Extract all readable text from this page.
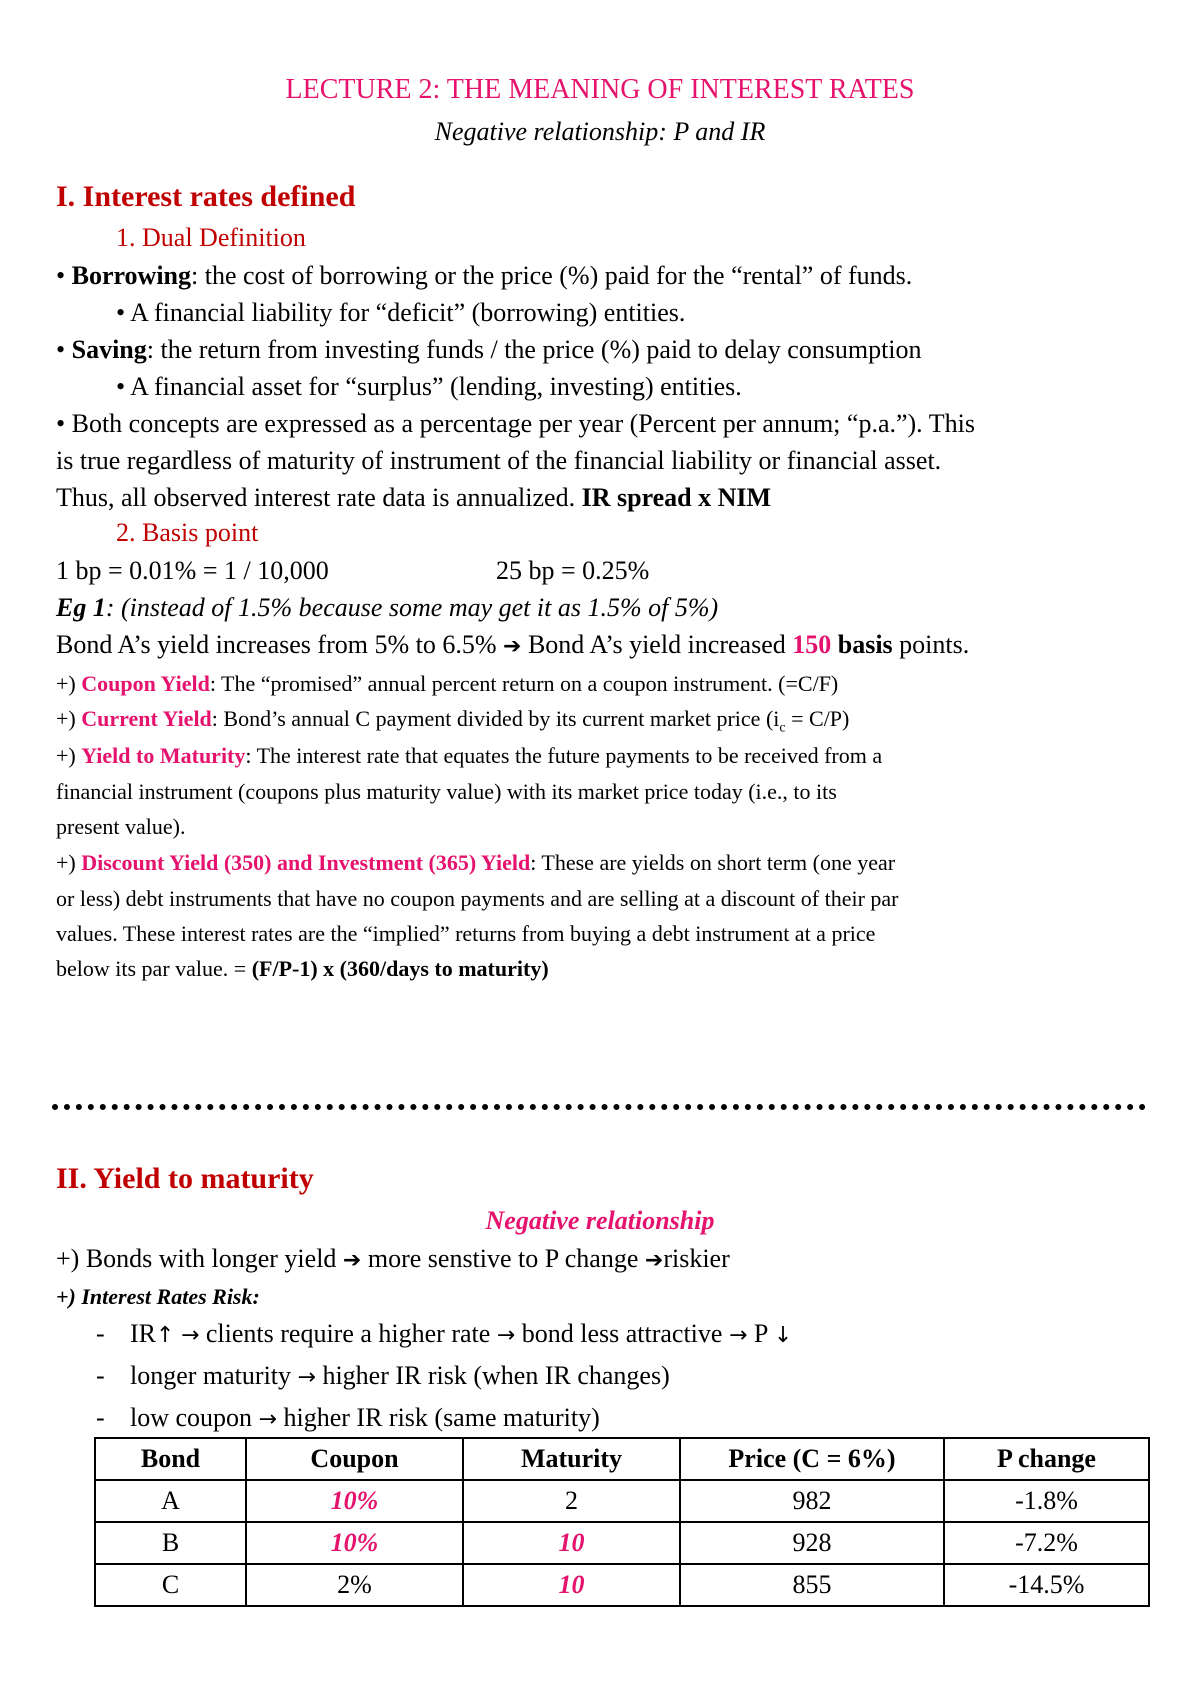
LECTURE 2: THE MEANING OF INTEREST RATES
Negative relationship: P and IR
I. Interest rates defined
1. Dual Definition
• Borrowing: the cost of borrowing or the price (%) paid for the “rental” of funds.
• A financial liability for “deficit” (borrowing) entities.
• Saving: the return from investing funds / the price (%) paid to delay consumption
• A financial asset for “surplus” (lending, investing) entities.
• Both concepts are expressed as a percentage per year (Percent per annum; “p.a.”). This
is true regardless of maturity of instrument of the financial liability or financial asset.
Thus, all observed interest rate data is annualized. IR spread x NIM
2. Basis point
1 bp = 0.01% = 1 / 10,000	25 bp = 0.25%
Eg 1: (instead of 1.5% because some may get it as 1.5% of 5%)
Bond A’s yield increases from 5% to 6.5% ➔ Bond A’s yield increased 150 basis points.
+) Coupon Yield: The “promised” annual percent return on a coupon instrument. (=C/F)
+) Current Yield: Bond’s annual C payment divided by its current market price $(i_c = C/P)$
+) Yield to Maturity: The interest rate that equates the future payments to be received from a
financial instrument (coupons plus maturity value) with its market price today (i.e., to its
present value).
+) Discount Yield (350) and Investment (365) Yield: These are yields on short term (one year
or less) debt instruments that have no coupon payments and are selling at a discount of their par
values. These interest rates are the “implied” returns from buying a debt instrument at a price
below its par value. = (F/P-1) x (360/days to maturity)
II. Yield to maturity
Negative relationship
+) Bonds with longer yield ➔ more senstive to P change ➔riskier
+) Interest Rates Risk:
- IR↑ → clients require a higher rate → bond less attractive → P ↓
- longer maturity → higher IR risk (when IR changes)
- low coupon → higher IR risk (same maturity)
Bond	Coupon	Maturity	Price (C = 6%)	P change
A	10%	2	982	-1.8%
B	10%	10	928	-7.2%
C	2%	10	855	-14.5%
